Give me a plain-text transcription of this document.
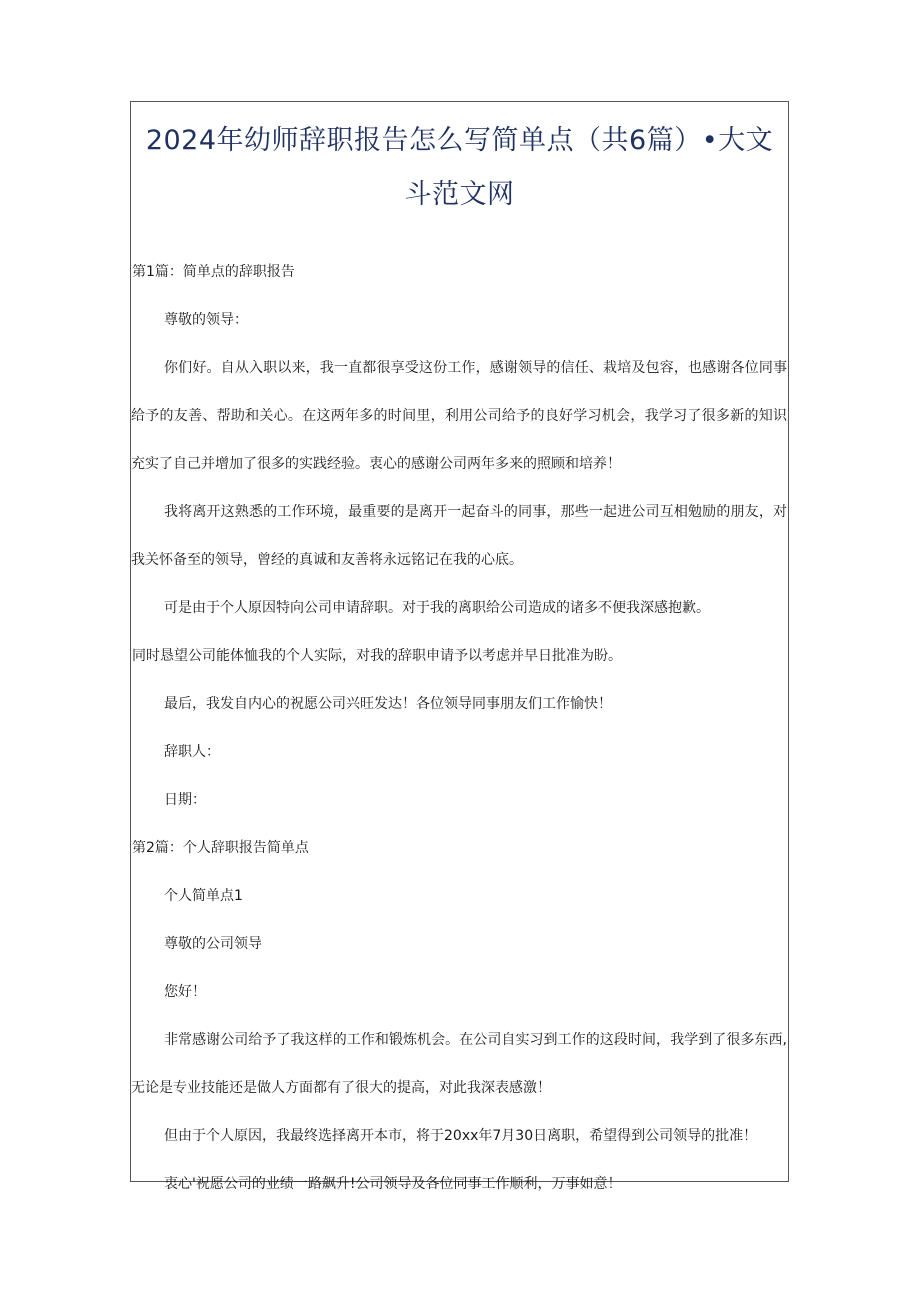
2024年幼师辞职报告怎么写简单点（共6篇）•大文斗范文网
第1篇：简单点的辞职报告

尊敬的领导：

你们好。自从入职以来，我一直都很享受这份工作，感谢领导的信任、栽培及包容，也感谢各位同事给予的友善、帮助和关心。在这两年多的时间里，利用公司给予的良好学习机会，我学习了很多新的知识充实了自己并增加了很多的实践经验。衷心的感谢公司两年多来的照顾和培养！

我将离开这熟悉的工作环境，最重要的是离开一起奋斗的同事，那些一起进公司互相勉励的朋友，对我关怀备至的领导，曾经的真诚和友善将永远铭记在我的心底。

可是由于个人原因特向公司申请辞职。对于我的离职给公司造成的诸多不便我深感抱歉。

同时恳望公司能体恤我的个人实际，对我的辞职申请予以考虑并早日批准为盼。

最后，我发自内心的祝愿公司兴旺发达！各位领导同事朋友们工作愉快！

辞职人：

日期：

第2篇：个人辞职报告简单点

个人简单点1

尊敬的公司领导

您好！

非常感谢公司给予了我这样的工作和锻炼机会。在公司自实习到工作的这段时间，我学到了很多东西,无论是专业技能还是做人方面都有了很大的提高，对此我深表感激！

但由于个人原因，我最终选择离开本市，将于20xx年7月30日离职，希望得到公司领导的批准！

衷心'祝愿公司的业绩一路飙升!公司领导及各位同事工作顺利，万事如意！
